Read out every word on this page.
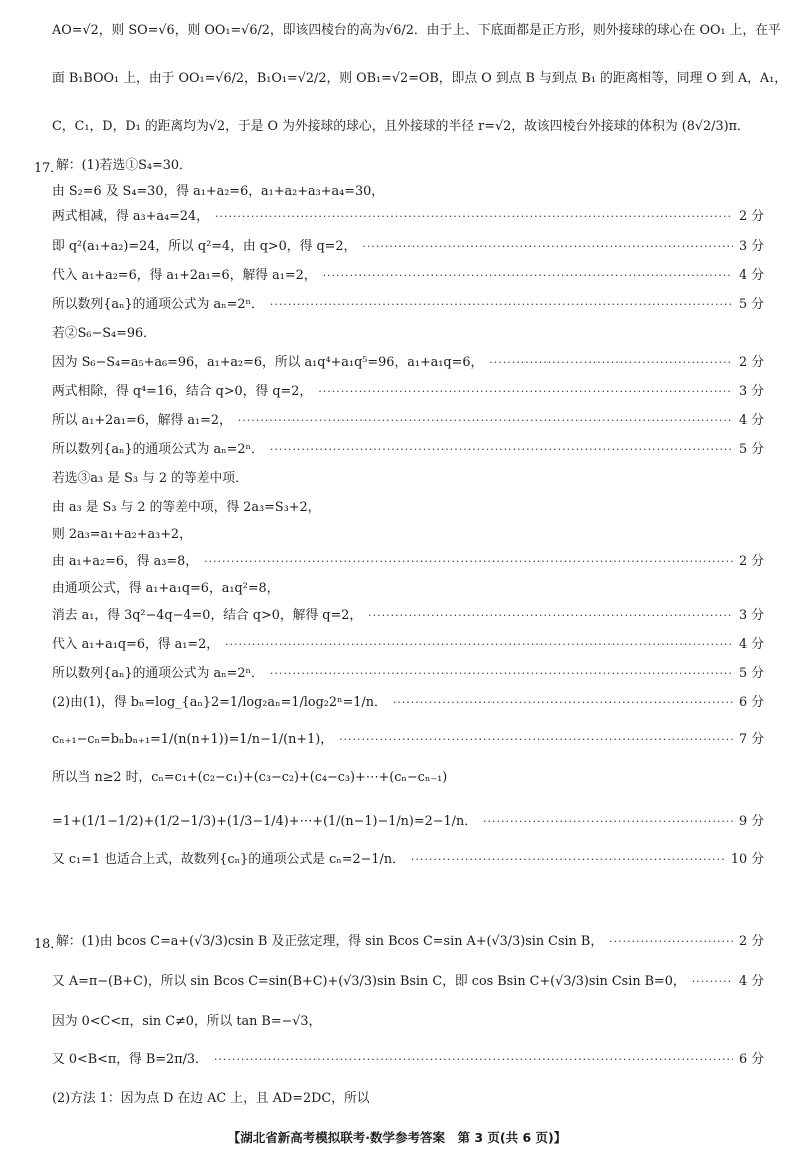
AO=√2，则 SO=√6，则 OO₁=√6/2，即该四棱台的高为√6/2．由于上、下底面都是正方形，则外接球的球心在 OO₁ 上，在平
面 B₁BOO₁ 上，由于 OO₁=√6/2，B₁O₁=√2/2，则 OB₁=√2=OB，即点 O 到点 B 与到点 B₁ 的距离相等，同理 O 到 A，A₁，
C，C₁，D，D₁ 的距离均为√2，于是 O 为外接球的球心，且外接球的半径 r=√2，故该四棱台外接球的体积为 (8√2/3)π．
17．
解：(1)若选①S₄=30．
由 S₂=6 及 S₄=30，得 a₁+a₂=6，a₁+a₂+a₃+a₄=30，
两式相减，得 a₃+a₄=24， ·····	2 分
即 q²(a₁+a₂)=24，所以 q²=4，由 q>0，得 q=2， ·····	3 分
代入 a₁+a₂=6，得 a₁+2a₁=6，解得 a₁=2， ·····	4 分
所以数列{aₙ}的通项公式为 aₙ=2ⁿ． ·····	5 分
若②S₆−S₄=96．
因为 S₆−S₄=a₅+a₆=96，a₁+a₂=6，所以 a₁q⁴+a₁q⁵=96，a₁+a₁q=6， ·····	2 分
两式相除，得 q⁴=16，结合 q>0，得 q=2， ·····	3 分
所以 a₁+2a₁=6，解得 a₁=2， ·····	4 分
所以数列{aₙ}的通项公式为 aₙ=2ⁿ． ·····	5 分
若选③a₃ 是 S₃ 与 2 的等差中项．
由 a₃ 是 S₃ 与 2 的等差中项，得 2a₃=S₃+2，
则 2a₃=a₁+a₂+a₃+2，
由 a₁+a₂=6，得 a₃=8， ·····	2 分
由通项公式，得 a₁+a₁q=6，a₁q²=8，
消去 a₁，得 3q²−4q−4=0，结合 q>0，解得 q=2， ·····	3 分
代入 a₁+a₁q=6，得 a₁=2， ·····	4 分
所以数列{aₙ}的通项公式为 aₙ=2ⁿ． ·····	5 分
(2)由(1)，得 bₙ=log_{aₙ}2=1/log₂aₙ=1/log₂2ⁿ=1/n． ·····	6 分
cₙ₊₁−cₙ=bₙbₙ₊₁=1/(n(n+1))=1/n−1/(n+1)， ·····	7 分
所以当 n≥2 时，cₙ=c₁+(c₂−c₁)+(c₃−c₂)+(c₄−c₃)+⋯+(cₙ−cₙ₋₁)
=1+(1/1−1/2)+(1/2−1/3)+(1/3−1/4)+⋯+(1/(n−1)−1/n)=2−1/n． ·····	9 分
又 c₁=1 也适合上式，故数列{cₙ}的通项公式是 cₙ=2−1/n． ·····	10 分
18．
解：(1)由 bcos C=a+(√3/3)csin B 及正弦定理，得 sin Bcos C=sin A+(√3/3)sin Csin B， ·····	2 分
又 A=π−(B+C)，所以 sin Bcos C=sin(B+C)+(√3/3)sin Bsin C，即 cos Bsin C+(√3/3)sin Csin B=0， ·····	4 分
因为 0<C<π，sin C≠0，所以 tan B=−√3，
又 0<B<π，得 B=2π/3． ·····	6 分
(2)方法 1：因为点 D 在边 AC 上，且 AD=2DC，所以
【湖北省新高考模拟联考·数学参考答案　第 3 页(共 6 页)】
